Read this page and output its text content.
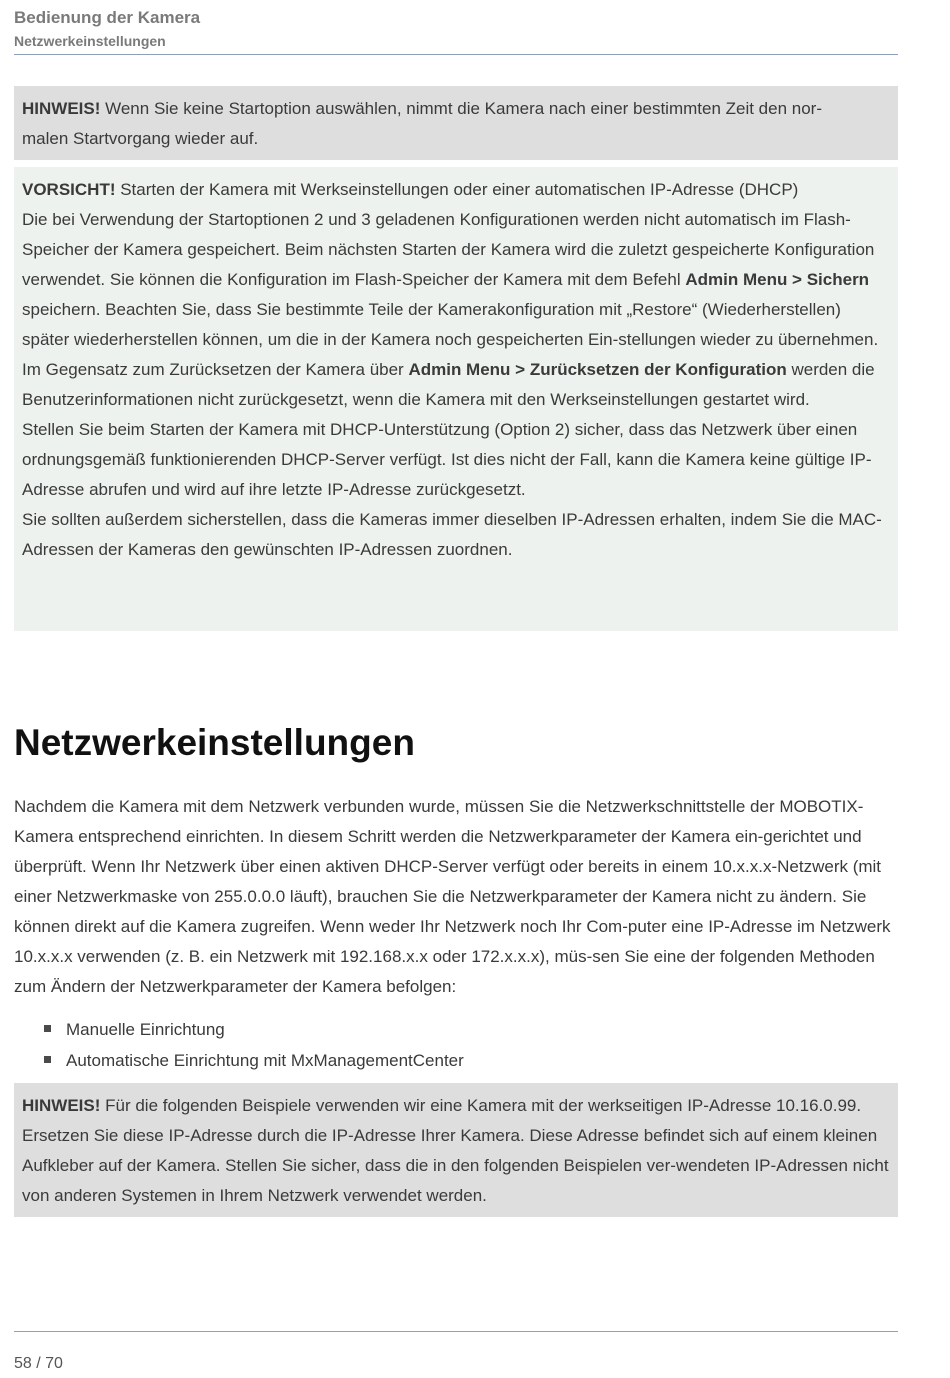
Bedienung der Kamera
Netzwerkeinstellungen

HINWEIS! Wenn Sie keine Startoption auswählen, nimmt die Kamera nach einer bestimmten Zeit den nor-
malen Startvorgang wieder auf.

VORSICHT! Starten der Kamera mit Werkseinstellungen oder einer automatischen IP-Adresse (DHCP)

Die bei Verwendung der Startoptionen 2 und 3 geladenen Konfigurationen werden nicht automatisch im Flash-Speicher der Kamera gespeichert. Beim nächsten Starten der Kamera wird die zuletzt gespeicherte Konfiguration verwendet. Sie können die Konfiguration im Flash-Speicher der Kamera mit dem Befehl Admin Menu > Sichern speichern. Beachten Sie, dass Sie bestimmte Teile der Kamerakonfiguration mit „Restore“ (Wiederherstellen) später wiederherstellen können, um die in der Kamera noch gespeicherten Ein-stellungen wieder zu übernehmen.

Im Gegensatz zum Zurücksetzen der Kamera über Admin Menu > Zurücksetzen der Konfiguration werden die Benutzerinformationen nicht zurückgesetzt, wenn die Kamera mit den Werkseinstellungen gestartet wird.

Stellen Sie beim Starten der Kamera mit DHCP-Unterstützung (Option 2) sicher, dass das Netzwerk über einen ordnungsgemäß funktionierenden DHCP-Server verfügt. Ist dies nicht der Fall, kann die Kamera keine gültige IP-Adresse abrufen und wird auf ihre letzte IP-Adresse zurückgesetzt.

Sie sollten außerdem sicherstellen, dass die Kameras immer dieselben IP-Adressen erhalten, indem Sie die MAC-Adressen der Kameras den gewünschten IP-Adressen zuordnen.

Netzwerkeinstellungen

Nachdem die Kamera mit dem Netzwerk verbunden wurde, müssen Sie die Netzwerkschnittstelle der MOBOTIX-Kamera entsprechend einrichten. In diesem Schritt werden die Netzwerkparameter der Kamera ein-gerichtet und überprüft. Wenn Ihr Netzwerk über einen aktiven DHCP-Server verfügt oder bereits in einem 10.x.x.x-Netzwerk (mit einer Netzwerkmaske von 255.0.0.0 läuft), brauchen Sie die Netzwerkparameter der Kamera nicht zu ändern. Sie können direkt auf die Kamera zugreifen. Wenn weder Ihr Netzwerk noch Ihr Com-puter eine IP-Adresse im Netzwerk 10.x.x.x verwenden (z. B. ein Netzwerk mit 192.168.x.x oder 172.x.x.x), müs-sen Sie eine der folgenden Methoden zum Ändern der Netzwerkparameter der Kamera befolgen:

Manuelle Einrichtung
Automatische Einrichtung mit MxManagementCenter

HINWEIS! Für die folgenden Beispiele verwenden wir eine Kamera mit der werkseitigen IP-Adresse 10.16.0.99. Ersetzen Sie diese IP-Adresse durch die IP-Adresse Ihrer Kamera. Diese Adresse befindet sich auf einem kleinen Aufkleber auf der Kamera. Stellen Sie sicher, dass die in den folgenden Beispielen ver-wendeten IP-Adressen nicht von anderen Systemen in Ihrem Netzwerk verwendet werden.

58 / 70
